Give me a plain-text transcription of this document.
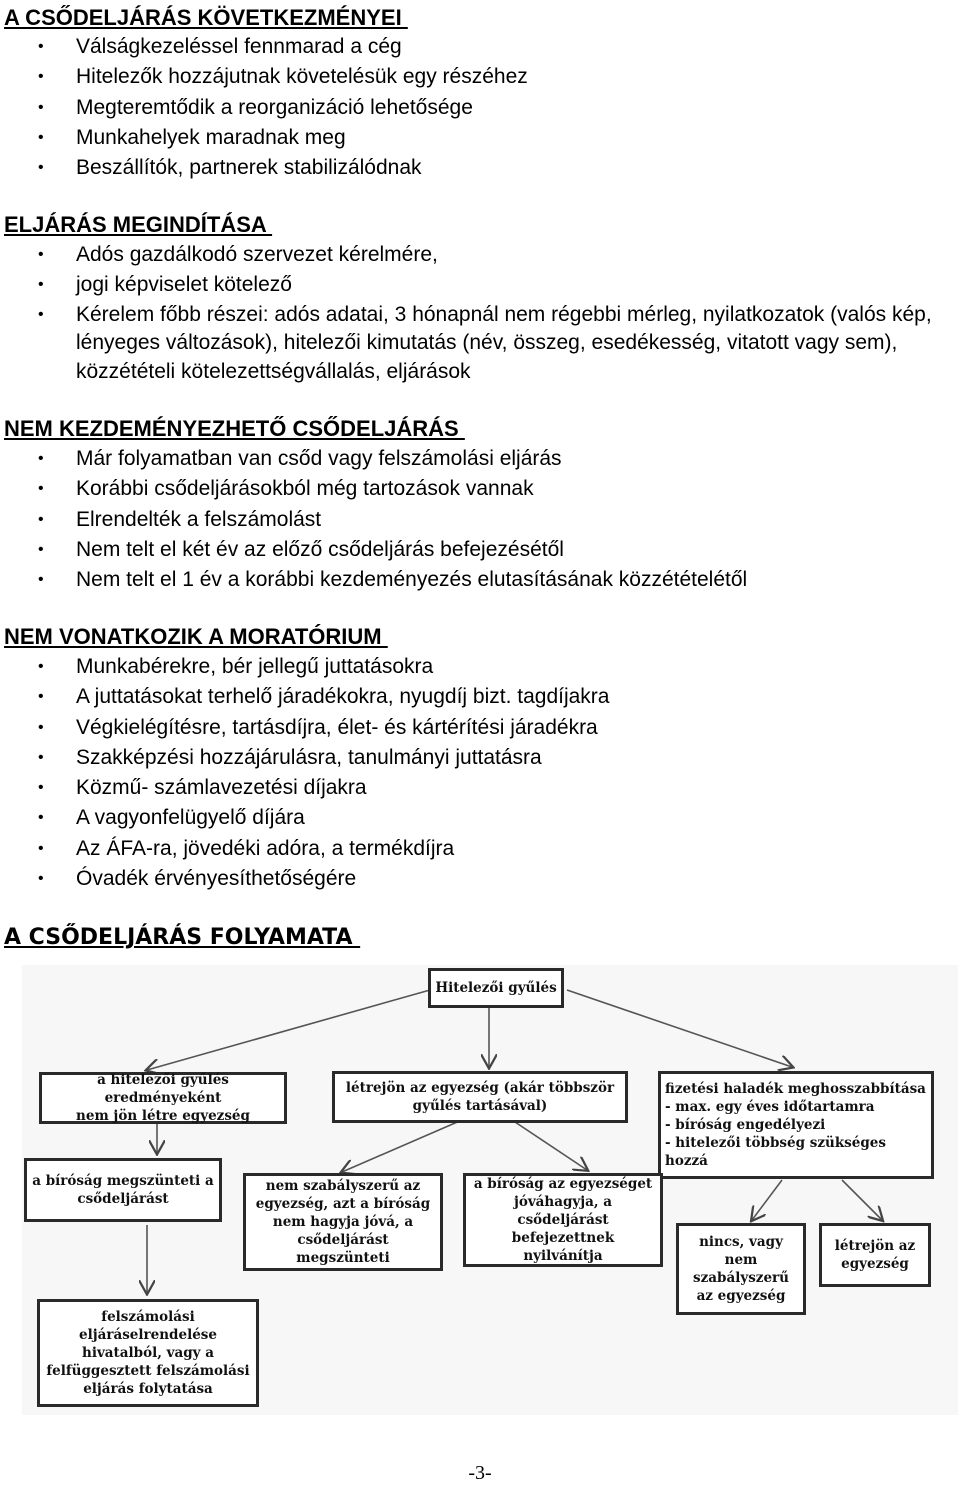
A CSŐDELJÁRÁS KÖVETKEZMÉNYEI
• Válságkezeléssel fennmarad a cég
• Hitelezők hozzájutnak követelésük egy részéhez
• Megteremtődik a reorganizáció lehetősége
• Munkahelyek maradnak meg
• Beszállítók, partnerek stabilizálódnak
ELJÁRÁS MEGINDÍTÁSA
• Adós gazdálkodó szervezet kérelmére,
• jogi képviselet kötelező
• Kérelem főbb részei: adós adatai, 3 hónapnál nem régebbi mérleg, nyilatkozatok (valós kép, lényeges változások), hitelezői kimutatás (név, összeg, esedékesség, vitatott vagy sem), közzétételi kötelezettségvállalás, eljárások
NEM KEZDEMÉNYEZHETŐ CSŐDELJÁRÁS
• Már folyamatban van csőd vagy felszámolási eljárás
• Korábbi csődeljárásokból még tartozások vannak
• Elrendelték a felszámolást
• Nem telt el két év az előző csődeljárás befejezésétől
• Nem telt el 1 év a korábbi kezdeményezés elutasításának közzétételétől
NEM VONATKOZIK A MORATÓRIUM
• Munkabérekre, bér jellegű juttatásokra
• A juttatásokat terhelő járadékokra, nyugdíj bizt. tagdíjakra
• Végkielégítésre, tartásdíjra, élet- és kártérítési járadékra
• Szakképzési hozzájárulásra, tanulmányi juttatásra
• Közmű- számlavezetési díjakra
• A vagyonfelügyelő díjára
• Az ÁFA-ra, jövedéki adóra, a termékdíjra
• Óvadék érvényesíthetőségére
A CSŐDELJÁRÁS FOLYAMATA
Hitelezői gyűlés
a hitelezői gyűlés eredményeként
nem jön létre egyezség
létrejön az egyezség (akár többször
gyűlés tartásával)
fizetési haladék meghosszabbítása
- max. egy éves időtartamra
- bíróság engedélyezi
- hitelezői többség szükséges hozzá
a bíróság megszünteti a
csődeljárást
nem szabályszerű az
egyezség, azt a bíróság
nem hagyja jóvá, a
csődeljárást megszünteti
a bíróság az egyezséget
jóváhagyja, a
csődeljárást
befejezettnek nyilvánítja
nincs, vagy
nem
szabályszerű
az egyezség
létrejön az
egyezség
felszámolási
eljáráselrendelése
hivatalból, vagy a
felfüggesztett felszámolási
eljárás folytatása
-3-
